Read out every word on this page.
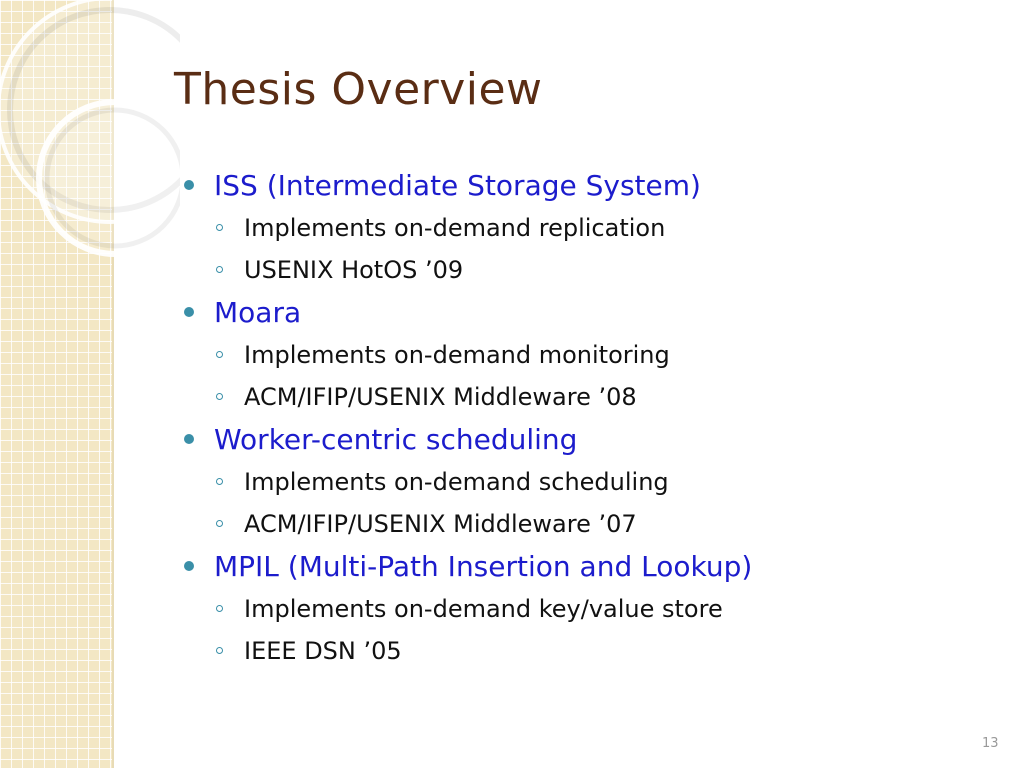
Thesis Overview
ISS (Intermediate Storage System)
Implements on-demand replication
USENIX HotOS ’09
Moara
Implements on-demand monitoring
ACM/IFIP/USENIX Middleware ’08
Worker-centric scheduling
Implements on-demand scheduling
ACM/IFIP/USENIX Middleware ’07
MPIL (Multi-Path Insertion and Lookup)
Implements on-demand key/value store
IEEE DSN ’05
13
